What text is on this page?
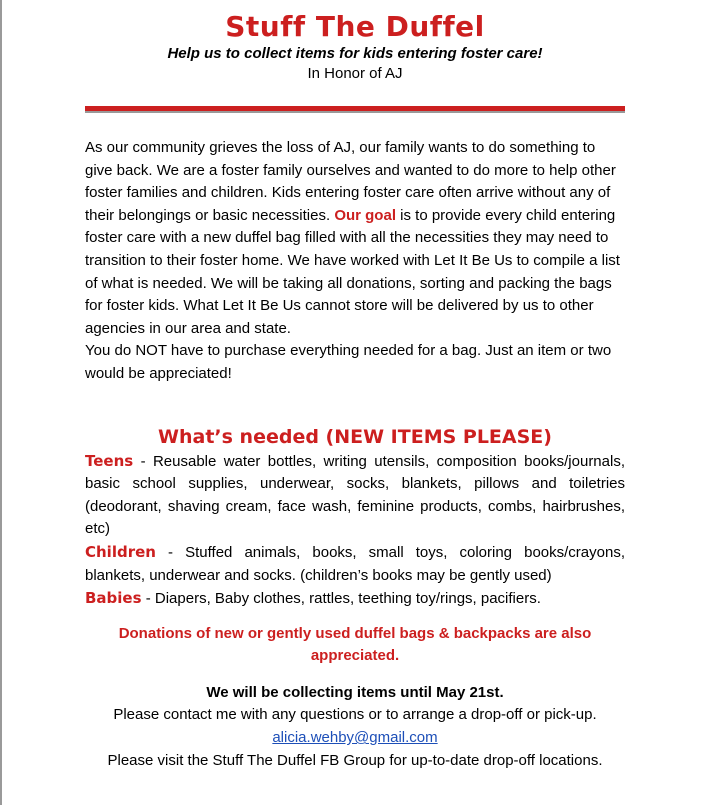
Stuff The Duffel
Help us to collect items for kids entering foster care!
In Honor of AJ
As our community grieves the loss of AJ, our family wants to do something to give back. We are a foster family ourselves and wanted to do more to help other foster families and children. Kids entering foster care often arrive without any of their belongings or basic necessities. Our goal is to provide every child entering foster care with a new duffel bag filled with all the necessities they may need to transition to their foster home. We have worked with Let It Be Us to compile a list of what is needed. We will be taking all donations, sorting and packing the bags for foster kids. What Let It Be Us cannot store will be delivered by us to other agencies in our area and state.
You do NOT have to purchase everything needed for a bag. Just an item or two would be appreciated!
What’s needed (NEW ITEMS PLEASE)
Teens - Reusable water bottles, writing utensils, composition books/journals, basic school supplies, underwear, socks, blankets, pillows and toiletries (deodorant, shaving cream, face wash, feminine products, combs, hairbrushes, etc)
Children - Stuffed animals, books, small toys, coloring books/crayons, blankets, underwear and socks. (children’s books may be gently used)
Babies - Diapers, Baby clothes, rattles, teething toy/rings, pacifiers.
Donations of new or gently used duffel bags & backpacks are also appreciated.
We will be collecting items until May 21st.
Please contact me with any questions or to arrange a drop-off or pick-up.
alicia.wehby@gmail.com
Please visit the Stuff The Duffel FB Group for up-to-date drop-off locations.
